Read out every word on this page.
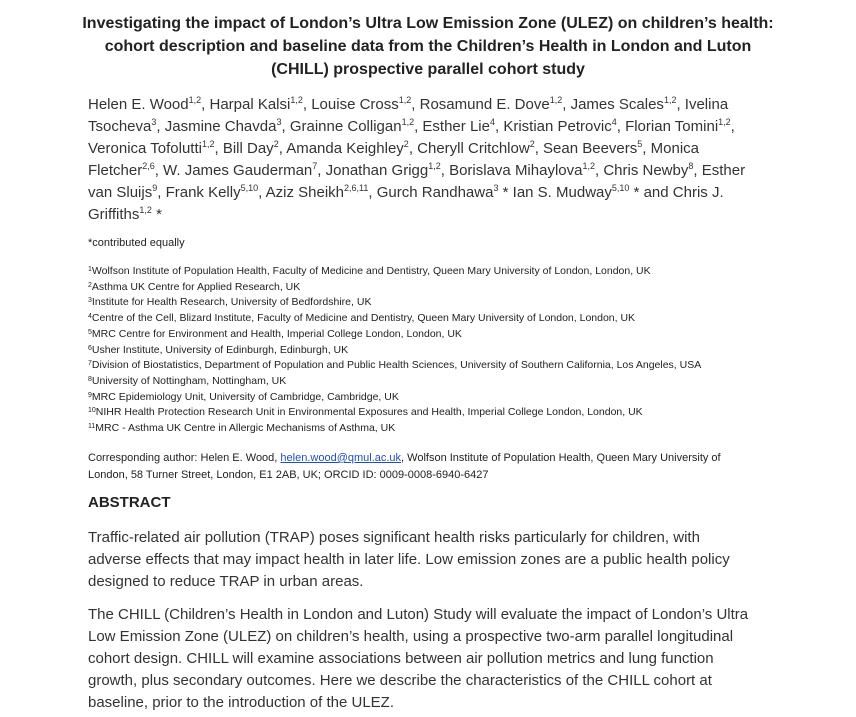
Investigating the impact of London’s Ultra Low Emission Zone (ULEZ) on children’s health:
cohort description and baseline data from the Children’s Health in London and Luton
(CHILL) prospective parallel cohort study
Helen E. Wood$^{1,2}$, Harpal Kalsi$^{1,2}$, Louise Cross$^{1,2}$, Rosamund E. Dove$^{1,2}$, James Scales$^{1,2}$, Ivelina
Tsocheva$^3$, Jasmine Chavda$^3$, Grainne Colligan$^{1,2}$, Esther Lie$^4$, Kristian Petrovic$^4$, Florian Tomini$^{1,2}$,
Veronica Tofolutti$^{1,2}$, Bill Day$^2$, Amanda Keighley$^2$, Cheryll Critchlow$^2$, Sean Beevers$^5$, Monica
Fletcher$^{2,6}$, W. James Gauderman$^7$, Jonathan Grigg$^{1,2}$, Borislava Mihaylova$^{1,2}$, Chris Newby$^8$, Esther
van Sluijs$^9$, Frank Kelly$^{5,10}$, Aziz Sheikh$^{2,6,11}$, Gurch Randhawa$^3$ * Ian S. Mudway$^{5,10}$ * and Chris J.
Griffiths$^{1,2}$ *
*contributed equally
$^1$Wolfson Institute of Population Health, Faculty of Medicine and Dentistry, Queen Mary University of London, London, UK
$^2$Asthma UK Centre for Applied Research, UK
$^3$Institute for Health Research, University of Bedfordshire, UK
$^4$Centre of the Cell, Blizard Institute, Faculty of Medicine and Dentistry, Queen Mary University of London, London, UK
$^5$MRC Centre for Environment and Health, Imperial College London, London, UK
$^6$Usher Institute, University of Edinburgh, Edinburgh, UK
$^7$Division of Biostatistics, Department of Population and Public Health Sciences, University of Southern California, Los Angeles, USA
$^8$University of Nottingham, Nottingham, UK
$^9$MRC Epidemiology Unit, University of Cambridge, Cambridge, UK
$^{10}$NIHR Health Protection Research Unit in Environmental Exposures and Health, Imperial College London, London, UK
$^{11}$MRC - Asthma UK Centre in Allergic Mechanisms of Asthma, UK
Corresponding author: Helen E. Wood, helen.wood@qmul.ac.uk, Wolfson Institute of Population Health, Queen Mary University of
London, 58 Turner Street, London, E1 2AB, UK; ORCID ID: 0009-0008-6940-6427
ABSTRACT
Traffic-related air pollution (TRAP) poses significant health risks particularly for children, with
adverse effects that may impact health in later life. Low emission zones are a public health policy
designed to reduce TRAP in urban areas.
The CHILL (Children’s Health in London and Luton) Study will evaluate the impact of London’s Ultra
Low Emission Zone (ULEZ) on children’s health, using a prospective two-arm parallel longitudinal
cohort design. CHILL will examine associations between air pollution metrics and lung function
growth, plus secondary outcomes. Here we describe the characteristics of the CHILL cohort at
baseline, prior to the introduction of the ULEZ.
